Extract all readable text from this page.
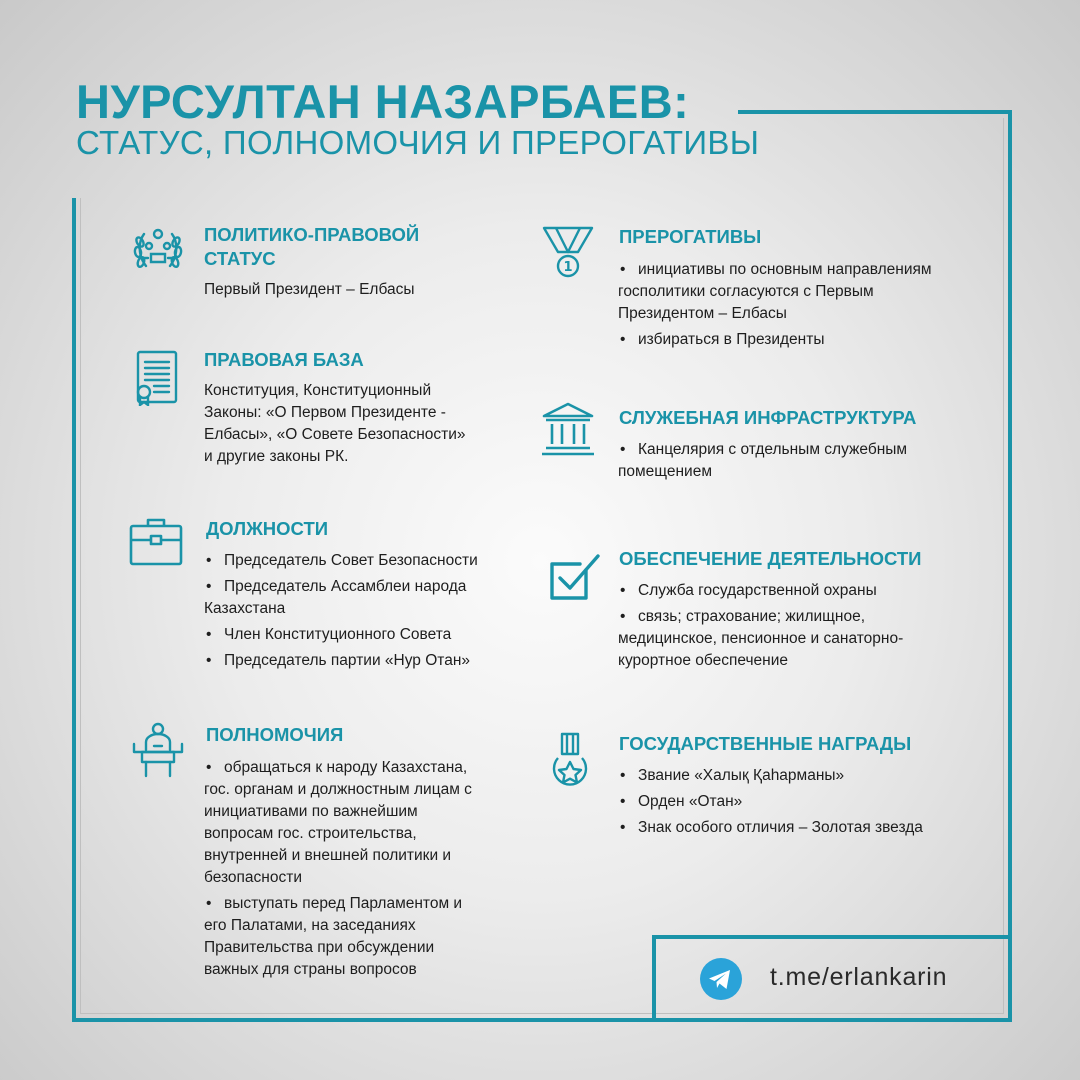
НУРСУЛТАН НАЗАРБАЕВ:
СТАТУС, ПОЛНОМОЧИЯ И ПРЕРОГАТИВЫ

ПОЛИТИКО-ПРАВОВОЙ

СТАТУС

Первый Президент – Елбасы

ПРАВОВАЯ БАЗА

Конституция, Конституционный
Законы: «О Первом Президенте -
Елбасы», «О Совете Безопасности»
и другие законы РК.

ДОЛЖНОСТИ

• Председатель Совет Безопасности

• Председатель Ассамблеи народа Казахстана

• Член Конституционного Совета

• Председатель партии «Нур Отан»

ПОЛНОМОЧИЯ

• обращаться к народу Казахстана, гос. органам и должностным лицам с инициативами по важнейшим вопросам гос. строительства, внутренней и внешней политики и безопасности

• выступать перед Парламентом и его Палатами, на заседаниях Правительства при обсуждении важных для страны вопросов

1

ПРЕРОГАТИВЫ

• инициативы по основным направлениям госполитики согласуются с Первым Президентом – Елбасы

• избираться в Президенты

СЛУЖЕБНАЯ ИНФРАСТРУКТУРА

• Канцелярия с отдельным служебным помещением

ОБЕСПЕЧЕНИЕ ДЕЯТЕЛЬНОСТИ

• Служба государственной охраны

• связь; страхование; жилищное, медицинское, пенсионное и санаторно-курортное обеспечение

ГОСУДАРСТВЕННЫЕ НАГРАДЫ

• Звание «Халық Қаһарманы»

• Орден «Отан»

• Знак особого отличия – Золотая звезда

t.me/erlankarin
